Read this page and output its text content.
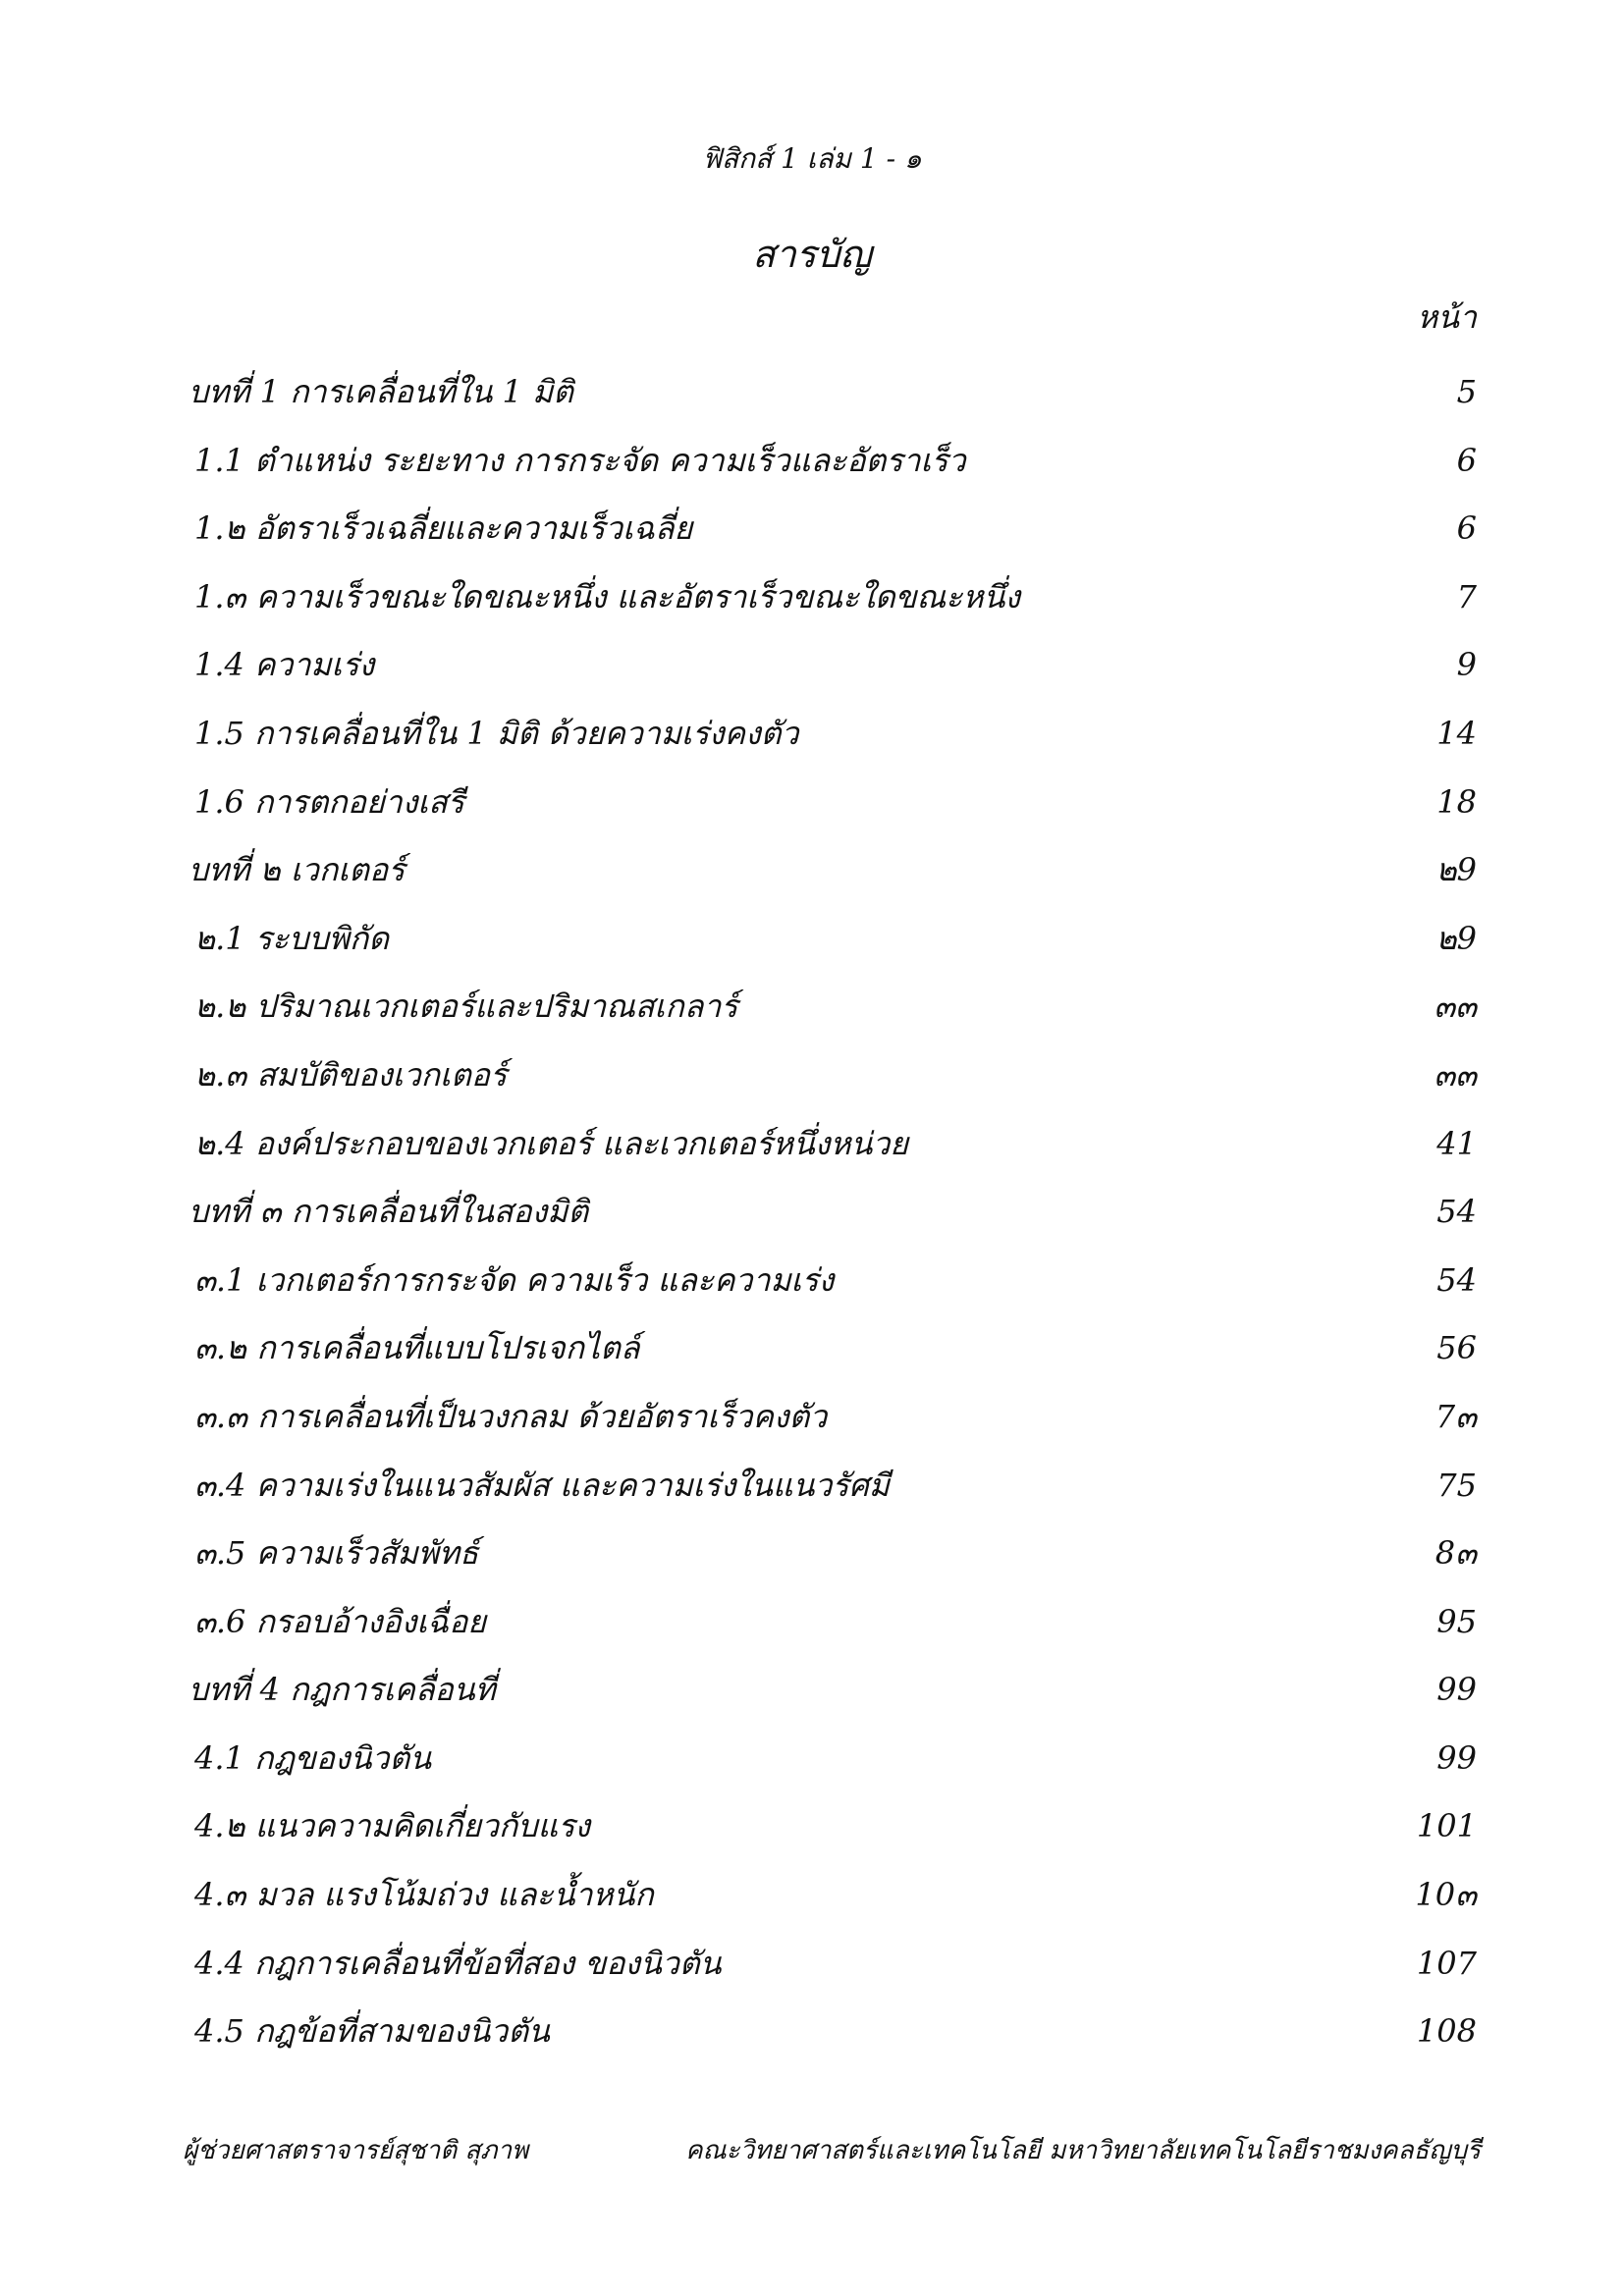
ฟิสิกส์ 1 เล่ม 1 - ๑
สารบัญ
หน้า
บทที่ 1 การเคลื่อนที่ใน 1 มิติ	5
1.1 ตำแหน่ง ระยะทาง การกระจัด ความเร็วและอัตราเร็ว	6
1.๒ อัตราเร็วเฉลี่ยและความเร็วเฉลี่ย	6
1.๓ ความเร็วขณะใดขณะหนึ่ง และอัตราเร็วขณะใดขณะหนึ่ง	7
1.4 ความเร่ง	9
1.5 การเคลื่อนที่ใน 1 มิติ ด้วยความเร่งคงตัว	14
1.6 การตกอย่างเสรี	18
บทที่ ๒ เวกเตอร์	๒9
๒.1 ระบบพิกัด	๒9
๒.๒ ปริมาณเวกเตอร์และปริมาณสเกลาร์	๓๓
๒.๓ สมบัติของเวกเตอร์	๓๓
๒.4 องค์ประกอบของเวกเตอร์ และเวกเตอร์หนึ่งหน่วย	41
บทที่ ๓ การเคลื่อนที่ในสองมิติ	54
๓.1 เวกเตอร์การกระจัด ความเร็ว และความเร่ง	54
๓.๒ การเคลื่อนที่แบบโปรเจกไตล์	56
๓.๓ การเคลื่อนที่เป็นวงกลม ด้วยอัตราเร็วคงตัว	7๓
๓.4 ความเร่งในแนวสัมผัส และความเร่งในแนวรัศมี	75
๓.5 ความเร็วสัมพัทธ์	8๓
๓.6 กรอบอ้างอิงเฉื่อย	95
บทที่ 4 กฎการเคลื่อนที่	99
4.1 กฎของนิวตัน	99
4.๒ แนวความคิดเกี่ยวกับแรง	101
4.๓ มวล แรงโน้มถ่วง และน้ำหนัก	10๓
4.4 กฎการเคลื่อนที่ข้อที่สอง ของนิวตัน	107
4.5 กฎข้อที่สามของนิวตัน	108
ผู้ช่วยศาสตราจารย์สุชาติ สุภาพ	คณะวิทยาศาสตร์และเทคโนโลยี มหาวิทยาลัยเทคโนโลยีราชมงคลธัญบุรี
